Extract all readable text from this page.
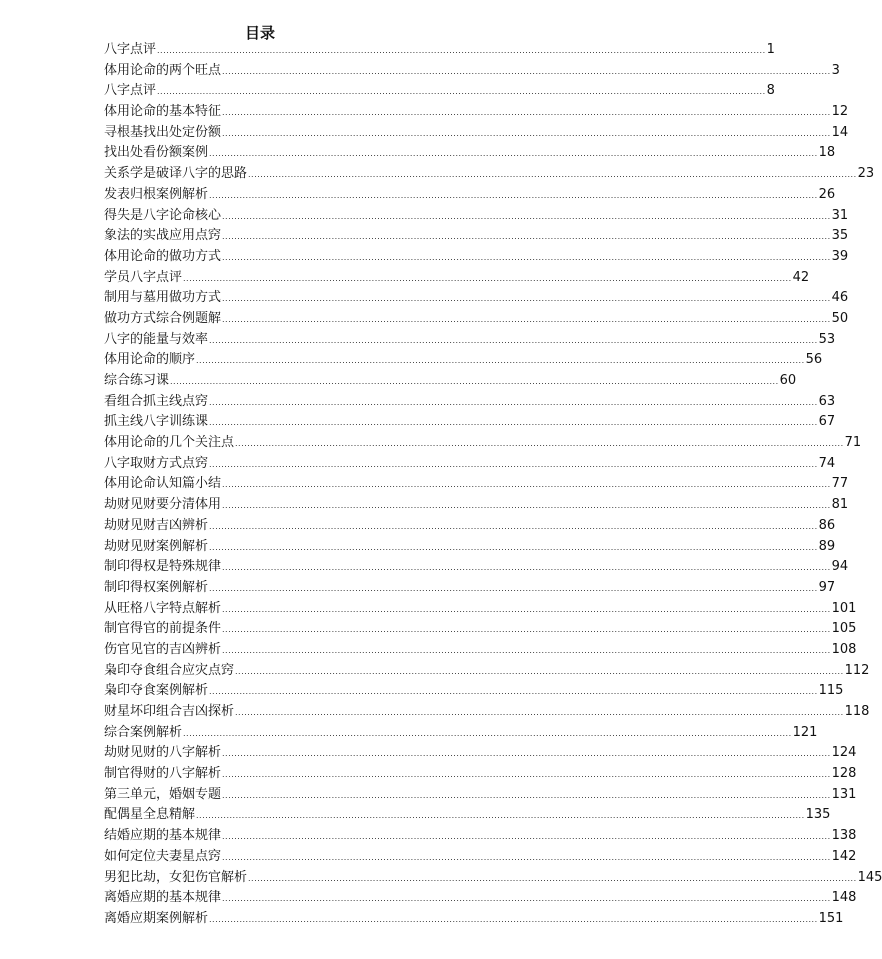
目录
八字点评 ........................................................................................................................................................................................................ 1
体用论命的两个旺点 ........................................................................................................................................................................................................ 3
八字点评 ........................................................................................................................................................................................................ 8
体用论命的基本特征 ........................................................................................................................................................................................................ 12
寻根基找出处定份额 ........................................................................................................................................................................................................ 14
找出处看份额案例 ........................................................................................................................................................................................................ 18
关系学是破译八字的思路 ........................................................................................................................................................................................................ 23
发表归根案例解析 ........................................................................................................................................................................................................ 26
得失是八字论命核心 ........................................................................................................................................................................................................ 31
象法的实战应用点窍 ........................................................................................................................................................................................................ 35
体用论命的做功方式 ........................................................................................................................................................................................................ 39
学员八字点评 ........................................................................................................................................................................................................ 42
制用与墓用做功方式 ........................................................................................................................................................................................................ 46
做功方式综合例题解 ........................................................................................................................................................................................................ 50
八字的能量与效率 ........................................................................................................................................................................................................ 53
体用论命的顺序 ........................................................................................................................................................................................................ 56
综合练习课 ........................................................................................................................................................................................................ 60
看组合抓主线点窍 ........................................................................................................................................................................................................ 63
抓主线八字训练课 ........................................................................................................................................................................................................ 67
体用论命的几个关注点 ........................................................................................................................................................................................................ 71
八字取财方式点窍 ........................................................................................................................................................................................................ 74
体用论命认知篇小结 ........................................................................................................................................................................................................ 77
劫财见财要分清体用 ........................................................................................................................................................................................................ 81
劫财见财吉凶辨析 ........................................................................................................................................................................................................ 86
劫财见财案例解析 ........................................................................................................................................................................................................ 89
制印得权是特殊规律 ........................................................................................................................................................................................................ 94
制印得权案例解析 ........................................................................................................................................................................................................ 97
从旺格八字特点解析 ........................................................................................................................................................................................................ 101
制官得官的前提条件 ........................................................................................................................................................................................................ 105
伤官见官的吉凶辨析 ........................................................................................................................................................................................................ 108
枭印夺食组合应灾点窍 ........................................................................................................................................................................................................ 112
枭印夺食案例解析 ........................................................................................................................................................................................................ 115
财星坏印组合吉凶探析 ........................................................................................................................................................................................................ 118
综合案例解析 ........................................................................................................................................................................................................ 121
劫财见财的八字解析 ........................................................................................................................................................................................................ 124
制官得财的八字解析 ........................................................................................................................................................................................................ 128
第三单元，婚姻专题 ........................................................................................................................................................................................................ 131
配偶星全息精解 ........................................................................................................................................................................................................ 135
结婚应期的基本规律 ........................................................................................................................................................................................................ 138
如何定位夫妻星点窍 ........................................................................................................................................................................................................ 142
男犯比劫，女犯伤官解析 ........................................................................................................................................................................................................ 145
离婚应期的基本规律 ........................................................................................................................................................................................................ 148
离婚应期案例解析 ........................................................................................................................................................................................................ 151
